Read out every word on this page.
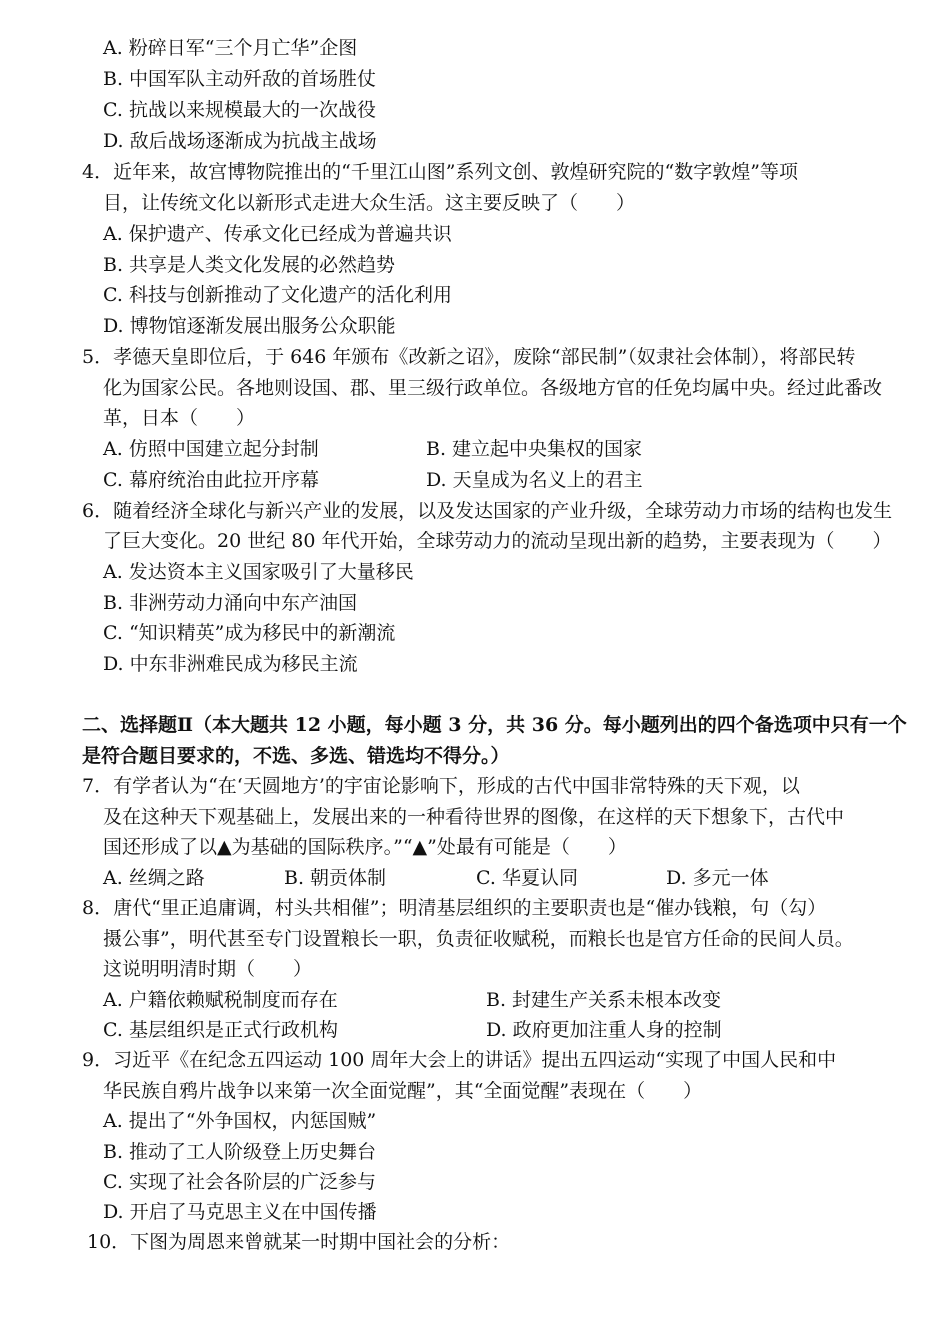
A. 粉碎日军“三个月亡华”企图
B. 中国军队主动歼敌的首场胜仗
C. 抗战以来规模最大的一次战役
D. 敌后战场逐渐成为抗战主战场
4．近年来，故宫博物院推出的“千里江山图”系列文创、敦煌研究院的“数字敦煌”等项
目，让传统文化以新形式走进大众生活。这主要反映了（　　）
A. 保护遗产、传承文化已经成为普遍共识
B. 共享是人类文化发展的必然趋势
C. 科技与创新推动了文化遗产的活化利用
D. 博物馆逐渐发展出服务公众职能
5．孝德天皇即位后，于 646 年颁布《改新之诏》，废除“部民制”（奴隶社会体制），将部民转
化为国家公民。各地则设国、郡、里三级行政单位。各级地方官的任免均属中央。经过此番改
革，日本（　　）
A. 仿照中国建立起分封制	B. 建立起中央集权的国家
C. 幕府统治由此拉开序幕	D. 天皇成为名义上的君主
6．随着经济全球化与新兴产业的发展，以及发达国家的产业升级，全球劳动力市场的结构也发生
了巨大变化。20 世纪 80 年代开始，全球劳动力的流动呈现出新的趋势，主要表现为（　　）
A. 发达资本主义国家吸引了大量移民
B. 非洲劳动力涌向中东产油国
C. “知识精英”成为移民中的新潮流
D. 中东非洲难民成为移民主流
二、选择题Ⅱ（本大题共 12 小题，每小题 3 分，共 36 分。每小题列出的四个备选项中只有一个
是符合题目要求的，不选、多选、错选均不得分。）
7．有学者认为“在‘天圆地方’的宇宙论影响下，形成的古代中国非常特殊的天下观，以
及在这种天下观基础上，发展出来的一种看待世界的图像，在这样的天下想象下，古代中
国还形成了以▲为基础的国际秩序。”“▲”处最有可能是（　　）
A. 丝绸之路	B. 朝贡体制	C. 华夏认同	D. 多元一体
8．唐代“里正追庸调，村头共相催”；明清基层组织的主要职责也是“催办钱粮，句（勾）
摄公事”，明代甚至专门设置粮长一职，负责征收赋税，而粮长也是官方任命的民间人员。
这说明明清时期（　　）
A. 户籍依赖赋税制度而存在	B. 封建生产关系未根本改变
C. 基层组织是正式行政机构	D. 政府更加注重人身的控制
9．习近平《在纪念五四运动 100 周年大会上的讲话》提出五四运动“实现了中国人民和中
华民族自鸦片战争以来第一次全面觉醒”，其“全面觉醒”表现在（　　）
A. 提出了“外争国权，内惩国贼”
B. 推动了工人阶级登上历史舞台
C. 实现了社会各阶层的广泛参与
D. 开启了马克思主义在中国传播
10．下图为周恩来曾就某一时期中国社会的分析：
